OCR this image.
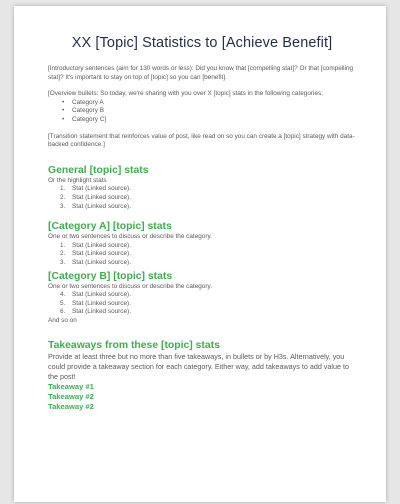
XX [Topic] Statistics to [Achieve Benefit]

[Introductory sentences (aim for 130 words or less): Did you know that [compelling stat]? Or that [compelling stat]? It's important to stay on top of [topic] so you can [benefit].

[Overview bullets: So today, we're sharing with you over X [topic] stats in the following categories:

• Category A
• Category B
• Category C]

[Transition statement that reinforces value of post, like read on so you can create a [topic] strategy with data-backed confidence.]

General [topic] stats

Or the highlight stats

1. Stat (Linked source).
2. Stat (Linked source).
3. Stat (Linked source).
[Category A] [topic] stats

One or two sentences to discuss or describe the category.

1. Stat (Linked source).
2. Stat (Linked source).
3. Stat (Linked source).
[Category B] [topic] stats

One or two sentences to discuss or describe the category.

4. Stat (Linked source).
5. Stat (Linked source).
6. Stat (Linked source).

And so on

Takeaways from these [topic] stats

Provide at least three but no more than five takeaways, in bullets or by H3s. Alternatively, you could provide a takeaway section for each category. Either way, add takeaways to add value to the post!

Takeaway #1

Takeaway #2

Takeaway #2
